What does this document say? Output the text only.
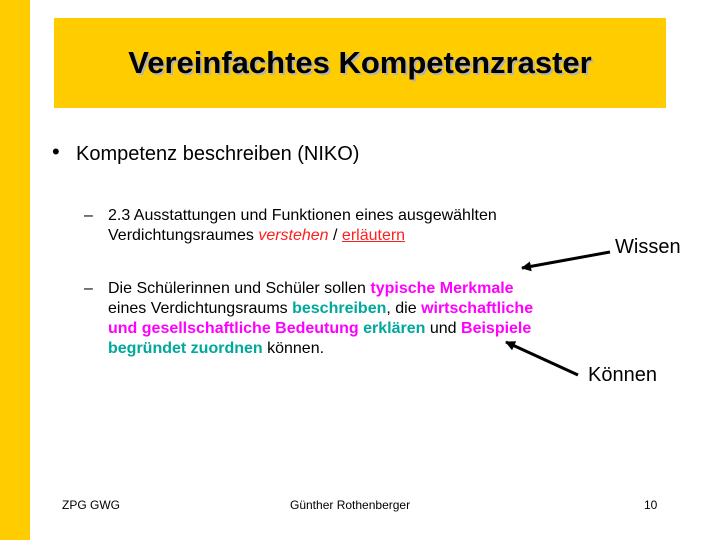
Vereinfachtes Kompetenzraster
• Kompetenz beschreiben (NIKO)
– 2.3 Ausstattungen und Funktionen eines ausgewählten
Verdichtungsraumes verstehen / erläutern
– Die Schülerinnen und Schüler sollen typische Merkmale
eines Verdichtungsraums beschreiben, die wirtschaftliche
und gesellschaftliche Bedeutung erklären und Beispiele
begründet zuordnen können.
Wissen
Können
ZPG GWG	Günther Rothenberger	10
